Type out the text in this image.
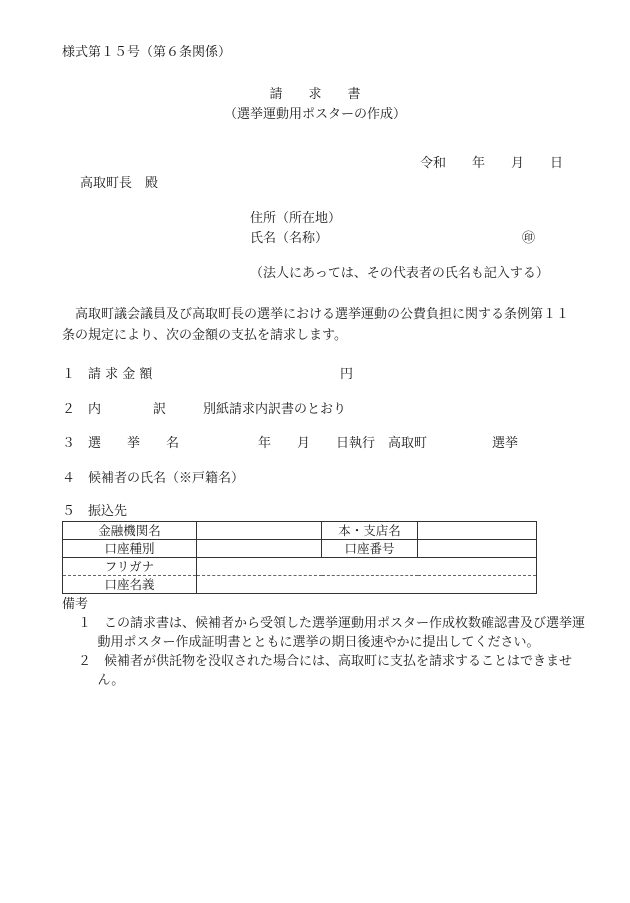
様式第１５号（第６条関係）
請　　求　　書
（選挙運動用ポスターの作成）
令和　　年　　月　　日
高取町長　殿
住所（所在地）
氏名（名称）	㊞
（法人にあっては、その代表者の氏名も記入する）
高取町議会議員及び高取町長の選挙における選挙運動の公費負担に関する条例第１１条の規定により、次の金額の支払を請求します。
１　請 求 金 額	円
２　内　　　　訳	別紙請求内訳書のとおり
３　選　　挙　　名	年　　月　　日執行　高取町　　　　　選挙
４　候補者の氏名（※戸籍名）
５　振込先
金融機関名		本・支店名	
口座種別		口座番号	
フリガナ			
口座名義			
備考
１　この請求書は、候補者から受領した選挙運動用ポスター作成枚数確認書及び選挙運動用ポスター作成証明書とともに選挙の期日後速やかに提出してください。
２　候補者が供託物を没収された場合には、高取町に支払を請求することはできません。
